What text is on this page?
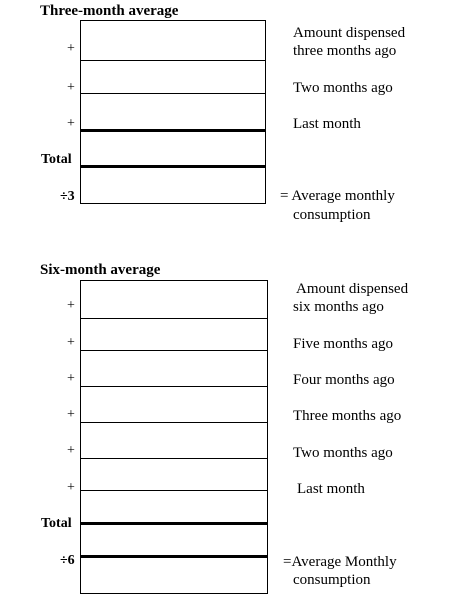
Three-month average
+
+
+
Total
÷3
Amount dispensed
three months ago
Two months ago
Last month
= Average monthly
consumption
Six-month average
+
+
+
+
+
+
Total
÷6
Amount dispensed
six months ago
Five months ago
Four months ago
Three months ago
Two months ago
Last month
=Average Monthly
consumption
